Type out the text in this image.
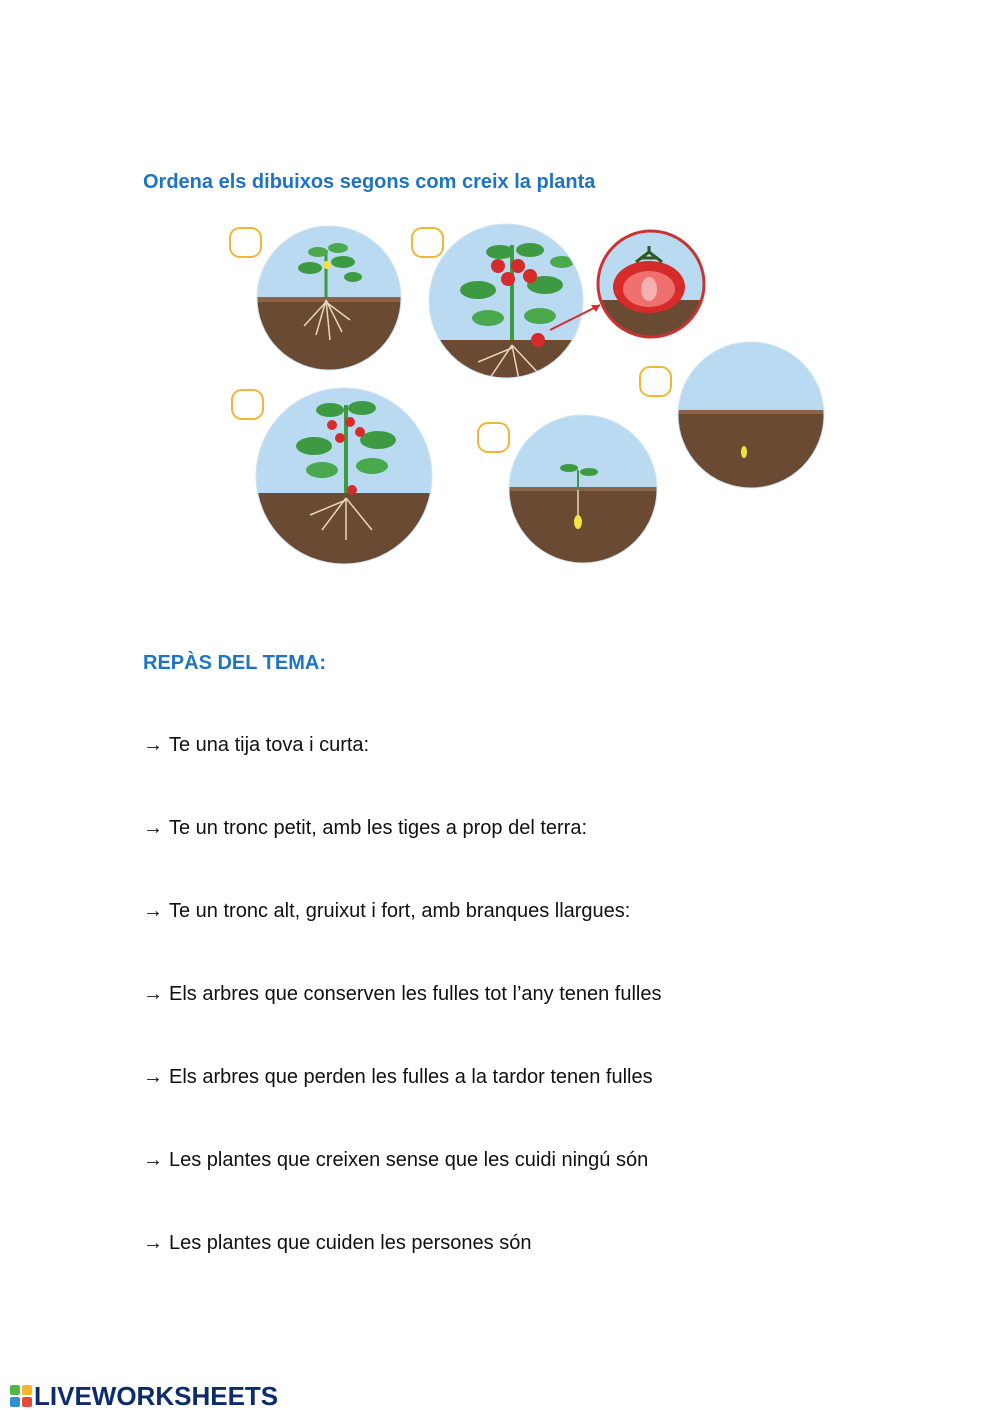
Ordena els dibuixos segons com creix la planta
REPÀS DEL TEMA:

→ Te una tija tova i curta:

→ Te un tronc petit, amb les tiges a prop del terra:

→ Te un tronc alt, gruixut i fort, amb branques llargues:

→ Els arbres que conserven les fulles tot l’any tenen fulles

→ Els arbres que perden les fulles a la tardor tenen fulles

→ Les plantes que creixen sense que les cuidi ningú són

→ Les plantes que cuiden les persones són

LIVEWORKSHEETS
